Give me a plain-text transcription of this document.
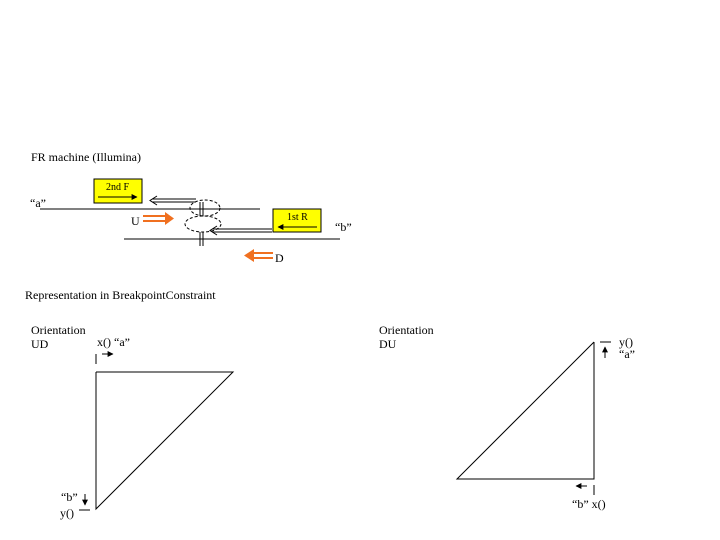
FR machine (Illumina)
“a”
“b”
2nd F
1st R
U
D
Representation in BreakpointConstraint
Orientation
UD	x() “a”
“b”
y()
Orientation
DU	y()
“a”
“b” x()
